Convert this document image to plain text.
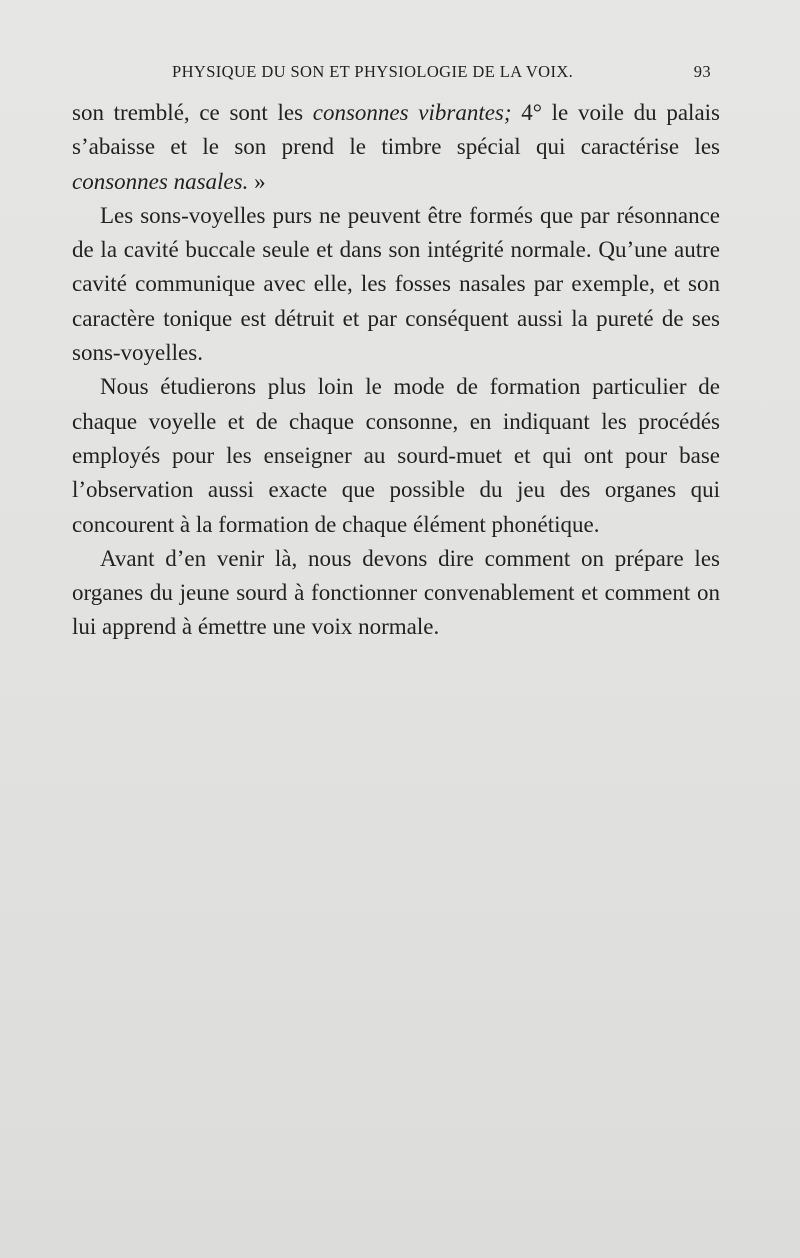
PHYSIQUE DU SON ET PHYSIOLOGIE DE LA VOIX.	93

son tremblé, ce sont les consonnes vibrantes; 4° le voile du palais s’abaisse et le son prend le timbre spécial qui caractérise les consonnes nasales. »

Les sons-voyelles purs ne peuvent être formés que par résonnance de la cavité buccale seule et dans son intégrité normale. Qu’une autre cavité communique avec elle, les fosses nasales par exemple, et son caractère tonique est détruit et par conséquent aussi la pureté de ses sons-voyelles.

Nous étudierons plus loin le mode de formation particulier de chaque voyelle et de chaque consonne, en indiquant les procédés employés pour les enseigner au sourd-muet et qui ont pour base l’observation aussi exacte que possible du jeu des organes qui concourent à la formation de chaque élément phonétique.

Avant d’en venir là, nous devons dire comment on prépare les organes du jeune sourd à fonctionner convenablement et comment on lui apprend à émettre une voix normale.
